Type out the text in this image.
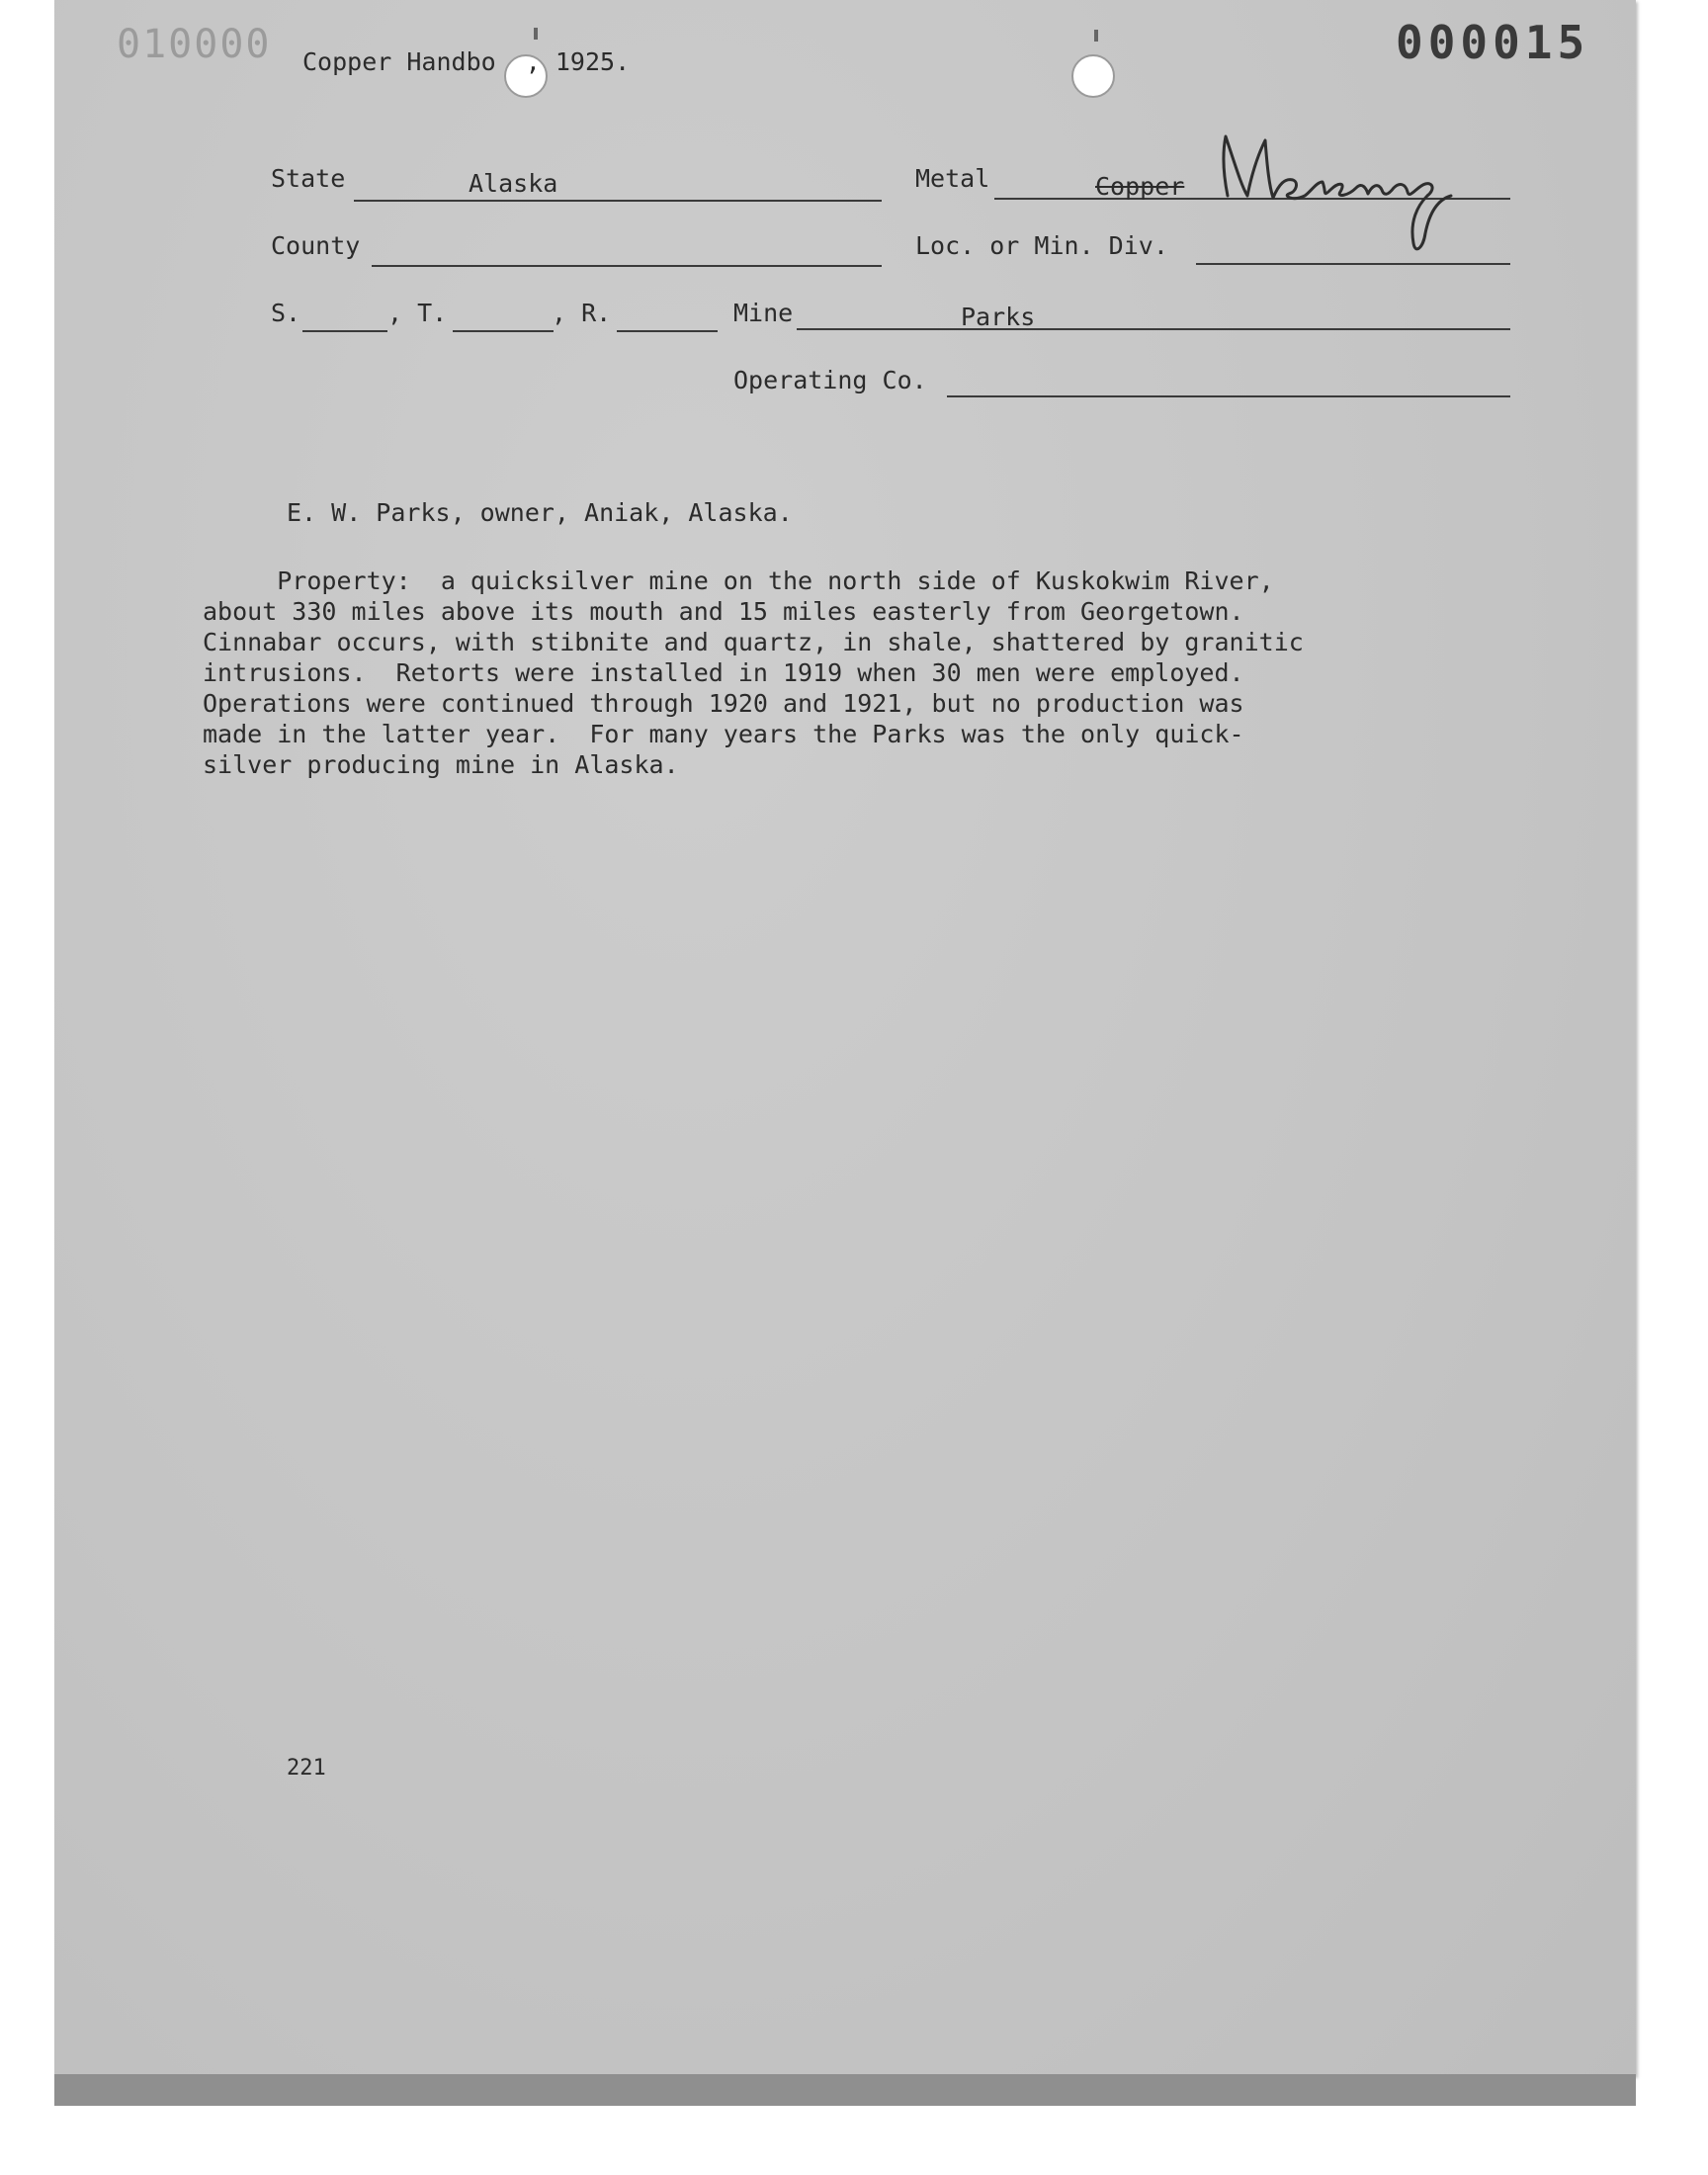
010000 Copper Handbo  , 1925.	000015
State	Alaska	Metal	Copper
County	Loc. or Min. Div.
S.	, T.	, R.	Mine	Parks
Operating Co.
E. W. Parks, owner, Aniak, Alaska.
Property:  a quicksilver mine on the north side of Kuskokwim River,
about 330 miles above its mouth and 15 miles easterly from Georgetown.
Cinnabar occurs, with stibnite and quartz, in shale, shattered by granitic
intrusions.  Retorts were installed in 1919 when 30 men were employed.
Operations were continued through 1920 and 1921, but no production was
made in the latter year.  For many years the Parks was the only quick-
silver producing mine in Alaska.
221
